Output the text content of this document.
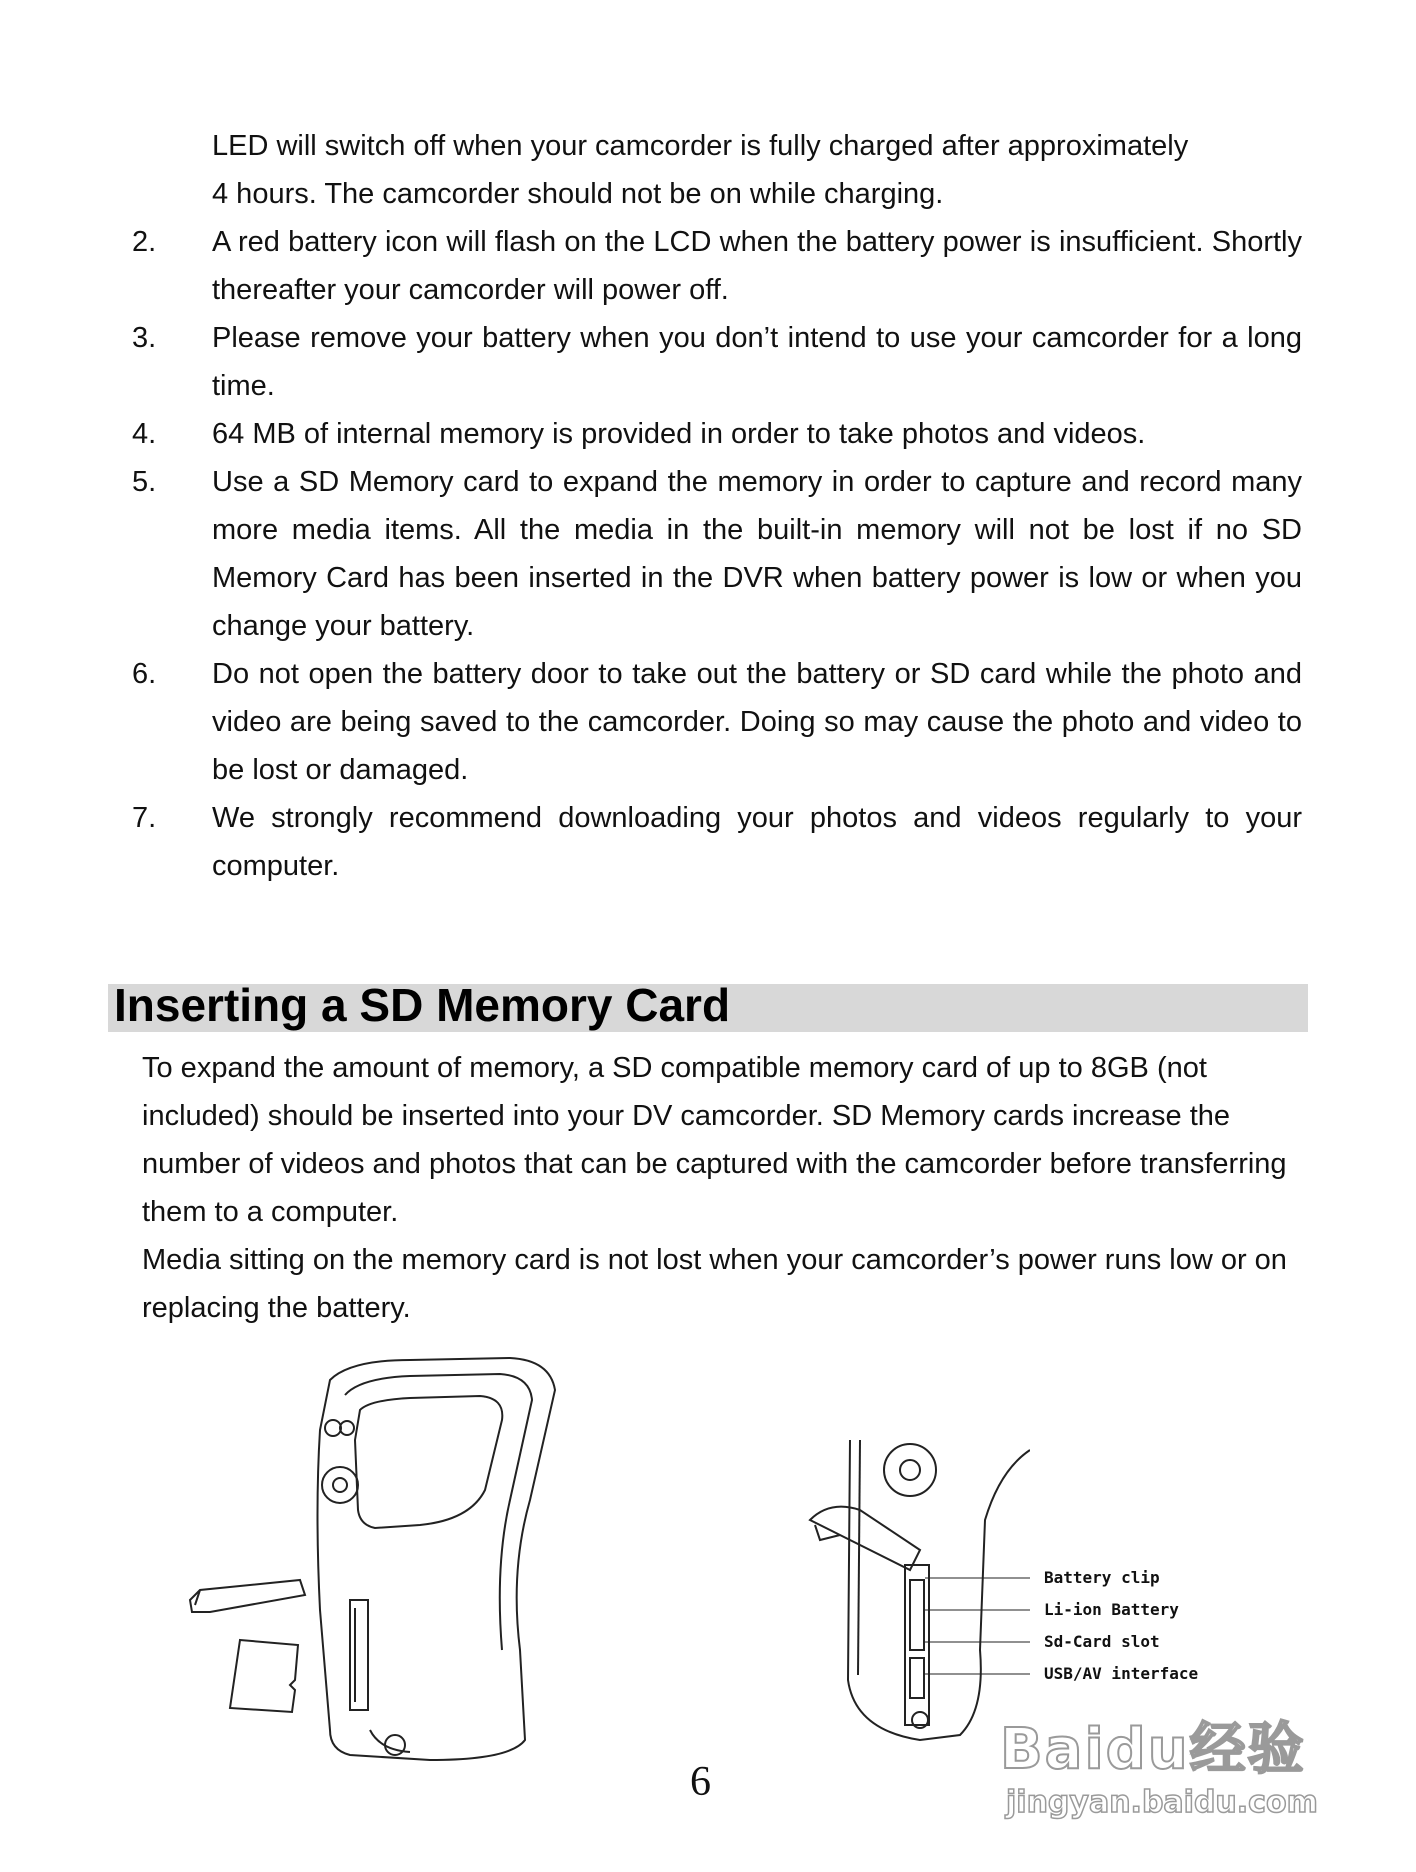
LED will switch off when your camcorder is fully charged after approximately
4 hours. The camcorder should not be on while charging.
2.	A red battery icon will flash on the LCD when the battery power is insufficient. Shortly thereafter your camcorder will power off.
3.	Please remove your battery when you don’t intend to use your camcorder for a long time.
4.	64 MB of internal memory is provided in order to take photos and videos.
5.	Use a SD Memory card to expand the memory in order to capture and record many more media items. All the media in the built-in memory will not be lost if no SD Memory Card has been inserted in the DVR when battery power is low or when you change your battery.
6.	Do not open the battery door to take out the battery or SD card while the photo and video are being saved to the camcorder. Doing so may cause the photo and video to be lost or damaged.
7.	We strongly recommend downloading your photos and videos regularly to your computer.
Inserting a SD Memory Card
To expand the amount of memory, a SD compatible memory card of up to 8GB (not included) should be inserted into your DV camcorder. SD Memory cards increase the number of videos and photos that can be captured with the camcorder before transferring them to a computer.
Media sitting on the memory card is not lost when your camcorder’s power runs low or on replacing the battery.
Battery clip
Li-ion Battery
Sd-Card slot
USB/AV interface
6	Baidu经验
jingyan.baidu.com
